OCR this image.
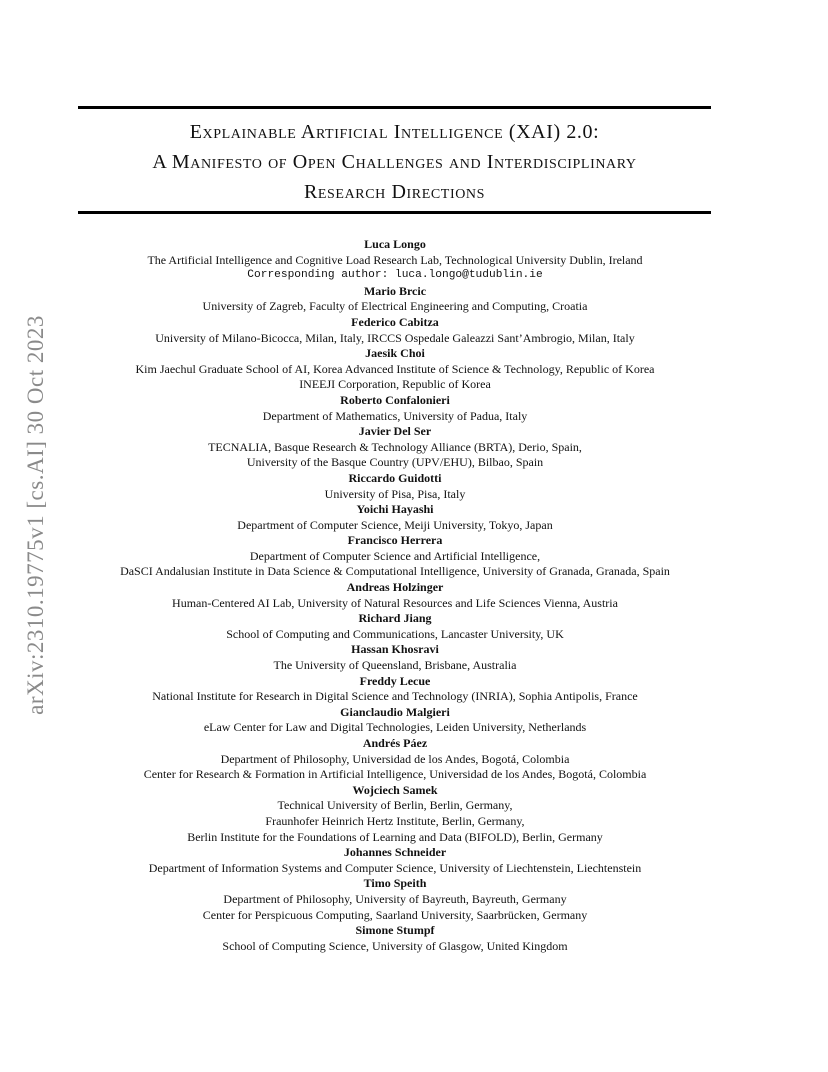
arXiv:2310.19775v1 [cs.AI] 30 Oct 2023
Explainable Artificial Intelligence (XAI) 2.0:
A Manifesto of Open Challenges and Interdisciplinary
Research Directions
Luca Longo
The Artificial Intelligence and Cognitive Load Research Lab, Technological University Dublin, Ireland
Corresponding author: luca.longo@tudublin.ie
Mario Brcic
University of Zagreb, Faculty of Electrical Engineering and Computing, Croatia
Federico Cabitza
University of Milano-Bicocca, Milan, Italy, IRCCS Ospedale Galeazzi Sant’Ambrogio, Milan, Italy
Jaesik Choi
Kim Jaechul Graduate School of AI, Korea Advanced Institute of Science & Technology, Republic of Korea
INEEJI Corporation, Republic of Korea
Roberto Confalonieri
Department of Mathematics, University of Padua, Italy
Javier Del Ser
TECNALIA, Basque Research & Technology Alliance (BRTA), Derio, Spain,
University of the Basque Country (UPV/EHU), Bilbao, Spain
Riccardo Guidotti
University of Pisa, Pisa, Italy
Yoichi Hayashi
Department of Computer Science, Meiji University, Tokyo, Japan
Francisco Herrera
Department of Computer Science and Artificial Intelligence,
DaSCI Andalusian Institute in Data Science & Computational Intelligence, University of Granada, Granada, Spain
Andreas Holzinger
Human-Centered AI Lab, University of Natural Resources and Life Sciences Vienna, Austria
Richard Jiang
School of Computing and Communications, Lancaster University, UK
Hassan Khosravi
The University of Queensland, Brisbane, Australia
Freddy Lecue
National Institute for Research in Digital Science and Technology (INRIA), Sophia Antipolis, France
Gianclaudio Malgieri
eLaw Center for Law and Digital Technologies, Leiden University, Netherlands
Andrés Páez
Department of Philosophy, Universidad de los Andes, Bogotá, Colombia
Center for Research & Formation in Artificial Intelligence, Universidad de los Andes, Bogotá, Colombia
Wojciech Samek
Technical University of Berlin, Berlin, Germany,
Fraunhofer Heinrich Hertz Institute, Berlin, Germany,
Berlin Institute for the Foundations of Learning and Data (BIFOLD), Berlin, Germany
Johannes Schneider
Department of Information Systems and Computer Science, University of Liechtenstein, Liechtenstein
Timo Speith
Department of Philosophy, University of Bayreuth, Bayreuth, Germany
Center for Perspicuous Computing, Saarland University, Saarbrücken, Germany
Simone Stumpf
School of Computing Science, University of Glasgow, United Kingdom
